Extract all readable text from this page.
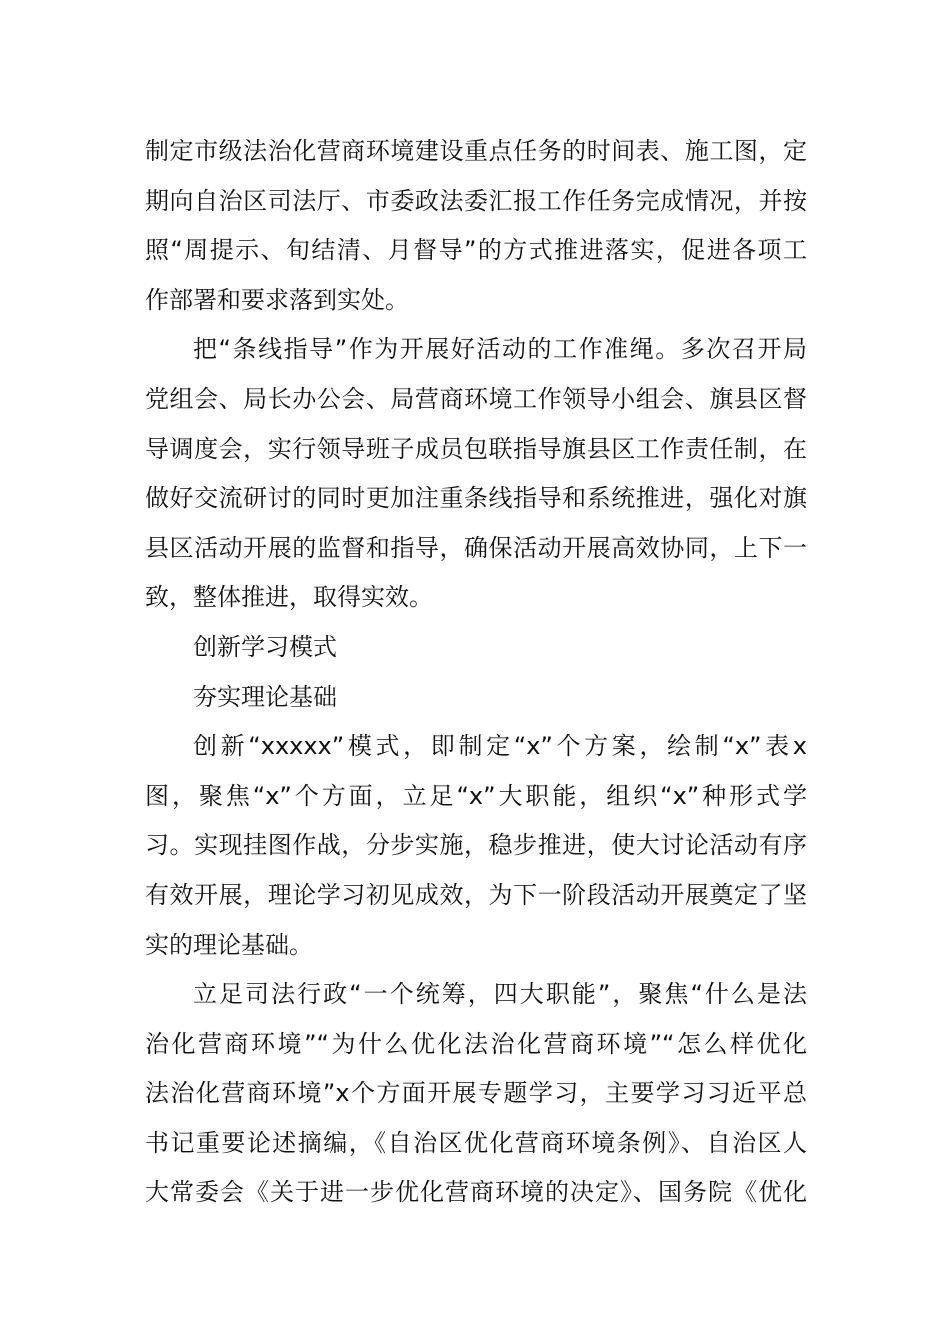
制定市级法治化营商环境建设重点任务的时间表、施工图，定
期向自治区司法厅、市委政法委汇报工作任务完成情况，并按
照“周提示、旬结清、月督导”的方式推进落实，促进各项工
作部署和要求落到实处。

把“条线指导”作为开展好活动的工作准绳。多次召开局
党组会、局长办公会、局营商环境工作领导小组会、旗县区督
导调度会，实行领导班子成员包联指导旗县区工作责任制，在
做好交流研讨的同时更加注重条线指导和系统推进，强化对旗
县区活动开展的监督和指导，确保活动开展高效协同，上下一
致，整体推进，取得实效。

创新学习模式

夯实理论基础

创新“xxxxx”模式，即制定“x”个方案，绘制“x”表x
图，聚焦“x”个方面，立足“x”大职能，组织“x”种形式学
习。实现挂图作战，分步实施，稳步推进，使大讨论活动有序
有效开展，理论学习初见成效，为下一阶段活动开展奠定了坚
实的理论基础。

立足司法行政“一个统筹，四大职能”，聚焦“什么是法
治化营商环境”“为什么优化法治化营商环境”“怎么样优化
法治化营商环境”x个方面开展专题学习，主要学习习近平总
书记重要论述摘编，《自治区优化营商环境条例》、自治区人
大常委会《关于进一步优化营商环境的决定》、国务院《优化
